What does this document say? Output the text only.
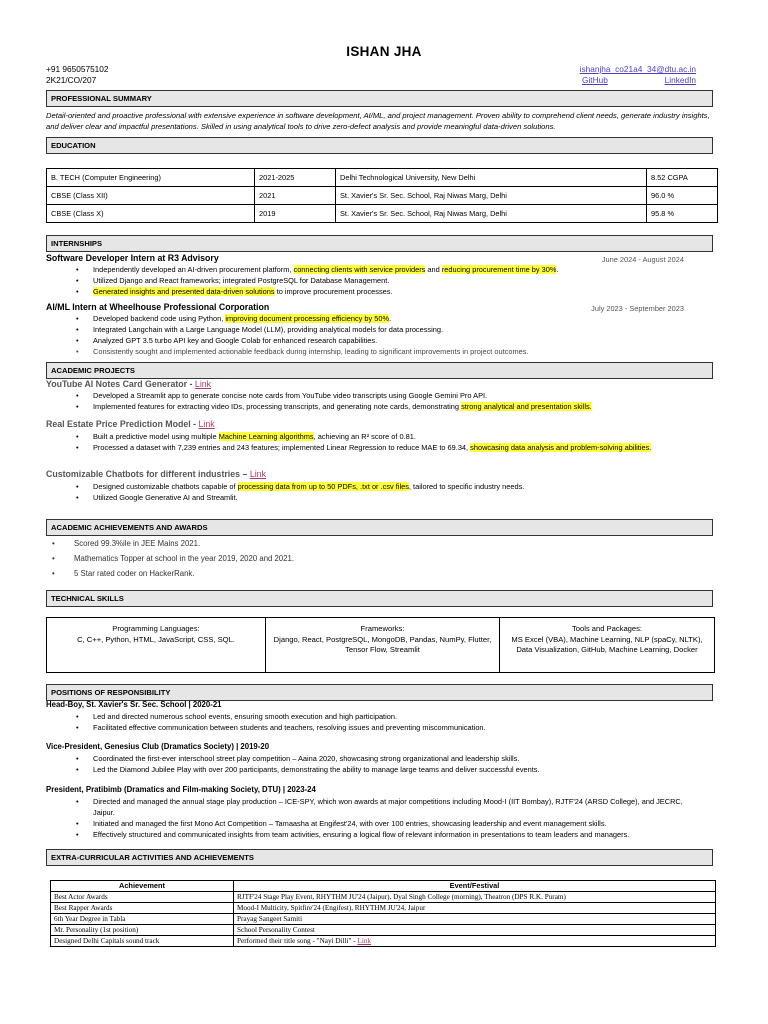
ISHAN JHA
+91 9650575102
2K21/CO/207
ishanjha_co21a4_34@dtu.ac.in
GitHub	LinkedIn
PROFESSIONAL SUMMARY
Detail-oriented and proactive professional with extensive experience in software development, AI/ML, and project management. Proven ability to comprehend client needs, generate industry insights, and deliver clear and impactful presentations. Skilled in using analytical tools to drive zero-defect analysis and provide meaningful data-driven solutions.
EDUCATION
B. TECH (Computer Engineering)	2021-2025	Delhi Technological University, New Delhi	8.52 CGPA
CBSE (Class XII)	2021	St. Xavier's Sr. Sec. School, Raj Niwas Marg, Delhi	96.0 %
CBSE (Class X)	2019	St. Xavier's Sr. Sec. School, Raj Niwas Marg, Delhi	95.8 %
INTERNSHIPS
Software Developer Intern at R3 Advisory	June 2024 - August 2024
• Independently developed an AI-driven procurement platform, connecting clients with service providers and reducing procurement time by 30%.
• Utilized Django and React frameworks; integrated PostgreSQL for Database Management.
• Generated insights and presented data-driven solutions to improve procurement processes.
AI/ML Intern at Wheelhouse Professional Corporation	July 2023 - September 2023
• Developed backend code using Python, improving document processing efficiency by 50%.
• Integrated Langchain with a Large Language Model (LLM), providing analytical models for data processing.
• Analyzed GPT 3.5 turbo API key and Google Colab for enhanced research capabilities.
• Consistently sought and implemented actionable feedback during internship, leading to significant improvements in project outcomes.
ACADEMIC PROJECTS
YouTube AI Notes Card Generator - Link
• Developed a Streamlit app to generate concise note cards from YouTube video transcripts using Google Gemini Pro API.
• Implemented features for extracting video IDs, processing transcripts, and generating note cards, demonstrating strong analytical and presentation skills.
Real Estate Price Prediction Model - Link
• Built a predictive model using multiple Machine Learning algorithms, achieving an R² score of 0.81.
• Processed a dataset with 7,239 entries and 243 features; implemented Linear Regression to reduce MAE to 69.34, showcasing data analysis and problem-solving abilities.
Customizable Chatbots for different industries – Link
• Designed customizable chatbots capable of processing data from up to 50 PDFs, .txt or .csv files, tailored to specific industry needs.
• Utilized Google Generative AI and Streamlit.
ACADEMIC ACHIEVEMENTS AND AWARDS
• Scored 99.3%ile in JEE Mains 2021.
• Mathematics Topper at school in the year 2019, 2020 and 2021.
• 5 Star rated coder on HackerRank.
TECHNICAL SKILLS
Programming Languages:
C, C++, Python, HTML, JavaScript, CSS, SQL.	
Frameworks:
Django, React, PostgreSQL, MongoDB, Pandas, NumPy, Flutter, Tensor Flow, Streamlit	
Tools and Packages:
MS Excel (VBA), Machine Learning, NLP (spaCy, NLTK), Data Visualization, GitHub, Machine Learning, Docker
POSITIONS OF RESPONSIBILITY
Head-Boy, St. Xavier's Sr. Sec. School | 2020-21
• Led and directed numerous school events, ensuring smooth execution and high participation.
• Facilitated effective communication between students and teachers, resolving issues and preventing miscommunication.
Vice-President, Genesius Club (Dramatics Society) | 2019-20
• Coordinated the first-ever interschool street play competition – Aaina 2020, showcasing strong organizational and leadership skills.
• Led the Diamond Jubilee Play with over 200 participants, demonstrating the ability to manage large teams and deliver successful events.
President, Pratibimb (Dramatics and Film-making Society, DTU) | 2023-24
• Directed and managed the annual stage play production – ICE-SPY, which won awards at major competitions including Mood-I (IIT Bombay), RJTF'24 (ARSD College), and JECRC, Jaipur.
• Initiated and managed the first Mono Act Competition – Tamaasha at Engifest'24, with over 100 entries, showcasing leadership and event management skills.
• Effectively structured and communicated insights from team activities, ensuring a logical flow of relevant information in presentations to team leaders and managers.
EXTRA-CURRICULAR ACTIVITIES AND ACHIEVEMENTS
Achievement	Event/Festival
Best Actor Awards	RJTF'24 Stage Play Event, RHYTHM JU'24 (Jaipur), Dyal Singh College (morning), Theatron (DPS R.K. Puram)
Best Rapper Awards	Mood-I Multicity, Spitfire'24 (Engifest), RHYTHM JU'24, Jaipur
6th Year Degree in Tabla	Prayag Sangeet Samiti
Mr. Personality (1st position)	School Personality Contest
Designed Delhi Capitals sound track	Performed their title song - "Nayi Dilli" - Link
